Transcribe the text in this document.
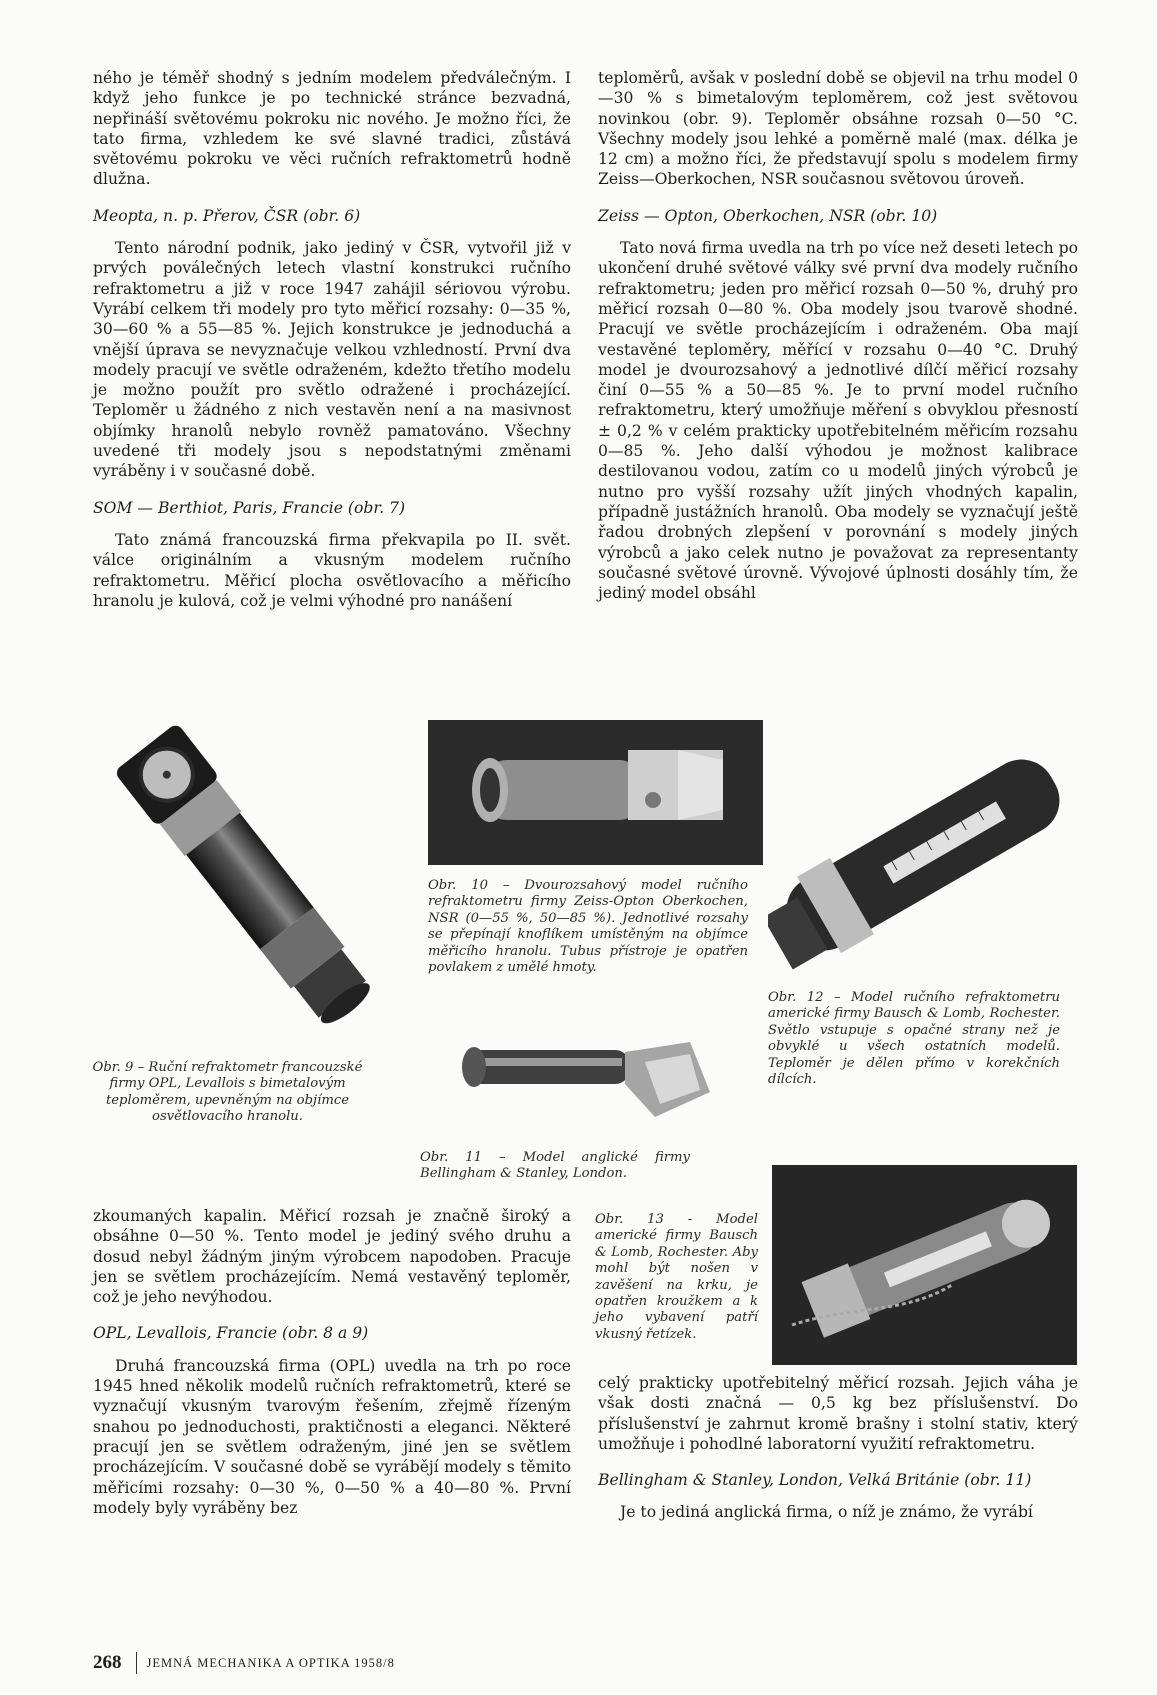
ného je téměř shodný s jedním modelem předválečným. I když jeho funkce je po technické stránce bezvadná, nepřináší světovému pokroku nic nového. Je možno říci, že tato firma, vzhledem ke své slavné tradici, zůstává světovému pokroku ve věci ručních refraktometrů hodně dlužna.

Meopta, n. p. Přerov, ČSR (obr. 6)

Tento národní podnik, jako jediný v ČSR, vytvořil již v prvých poválečných letech vlastní konstrukci ručního refraktometru a již v roce 1947 zahájil sériovou výrobu. Vyrábí celkem tři modely pro tyto měřicí rozsahy: 0—35 %, 30—60 % a 55—85 %. Jejich konstrukce je jednoduchá a vnější úprava se nevyznačuje velkou vzhledností. První dva modely pracují ve světle odraženém, kdežto třetího modelu je možno použít pro světlo odražené i procházející. Teploměr u žádného z nich vestavěn není a na masivnost objímky hranolů nebylo rovněž pamatováno. Všechny uvedené tři modely jsou s nepodstatnými změnami vyráběny i v současné době.

SOM — Berthiot, Paris, Francie (obr. 7)

Tato známá francouzská firma překvapila po II. svět. válce originálním a vkusným modelem ručního refraktometru. Měřicí plocha osvětlovacího a měřicího hranolu je kulová, což je velmi výhodné pro nanášení

teploměrů, avšak v poslední době se objevil na trhu model 0—30 % s bimetalovým teploměrem, což jest světovou novinkou (obr. 9). Teploměr obsáhne rozsah 0—50 °C. Všechny modely jsou lehké a poměrně malé (max. délka je 12 cm) a možno říci, že představují spolu s modelem firmy Zeiss—Oberkochen, NSR současnou světovou úroveň.

Zeiss — Opton, Oberkochen, NSR (obr. 10)

Tato nová firma uvedla na trh po více než deseti letech po ukončení druhé světové války své první dva modely ručního refraktometru; jeden pro měřicí rozsah 0—50 %, druhý pro měřicí rozsah 0—80 %. Oba modely jsou tvarově shodné. Pracují ve světle procházejícím i odraženém. Oba mají vestavěné teploměry, měřící v rozsahu 0—40 °C. Druhý model je dvourozsahový a jednotlivé dílčí měřicí rozsahy činí 0—55 % a 50—85 %. Je to první model ručního refraktometru, který umožňuje měření s obvyklou přesností ± 0,2 % v celém prakticky upotřebitelném měřicím rozsahu 0—85 %. Jeho další výhodou je možnost kalibrace destilovanou vodou, zatím co u modelů jiných výrobců je nutno pro vyšší rozsahy užít jiných vhodných kapalin, případně justážních hranolů. Oba modely se vyznačují ještě řadou drobných zlepšení v porovnání s modely jiných výrobců a jako celek nutno je považovat za representanty současné světové úrovně. Vývojové úplnosti dosáhly tím, že jediný model obsáhl

Obr. 9 – Ruční refraktometr francouzské firmy OPL, Levallois s bimetalovým teploměrem, upevněným na objímce osvětlovacího hranolu.
Obr. 10 – Dvourozsahový model ručního refraktometru firmy Zeiss-Opton Oberkochen, NSR (0—55 %, 50—85 %). Jednotlivé rozsahy se přepínají knoflíkem umístěným na objímce měřicího hranolu. Tubus přístroje je opatřen povlakem z umělé hmoty.
Obr. 11 – Model anglické firmy Bellingham & Stanley, London.
Obr. 12 – Model ručního refraktometru americké firmy Bausch & Lomb, Rochester. Světlo vstupuje s opačné strany než je obvyklé u všech ostatních modelů. Teploměr je dělen přímo v korekčních dílcích.
Obr. 13 - Model americké firmy Bausch & Lomb, Rochester. Aby mohl být nošen v zavěšení na krku, je opatřen kroužkem a k jeho vybavení patří vkusný řetízek.

zkoumaných kapalin. Měřicí rozsah je značně široký a obsáhne 0—50 %. Tento model je jediný svého druhu a dosud nebyl žádným jiným výrobcem napodoben. Pracuje jen se světlem procházejícím. Nemá vestavěný teploměr, což je jeho nevýhodou.

OPL, Levallois, Francie (obr. 8 a 9)

Druhá francouzská firma (OPL) uvedla na trh po roce 1945 hned několik modelů ručních refraktometrů, které se vyznačují vkusným tvarovým řešením, zřejmě řízeným snahou po jednoduchosti, praktičnosti a eleganci. Některé pracují jen se světlem odraženým, jiné jen se světlem procházejícím. V současné době se vyrábějí modely s těmito měřicími rozsahy: 0—30 %, 0—50 % a 40—80 %. První modely byly vyráběny bez

celý prakticky upotřebitelný měřicí rozsah. Jejich váha je však dosti značná — 0,5 kg bez příslušenství. Do příslušenství je zahrnut kromě brašny i stolní stativ, který umožňuje i pohodlné laboratorní využití refraktometru.

Bellingham & Stanley, London, Velká Británie (obr. 11)

Je to jediná anglická firma, o níž je známo, že vyrábí

268 JEMNÁ MECHANIKA A OPTIKA 1958/8
